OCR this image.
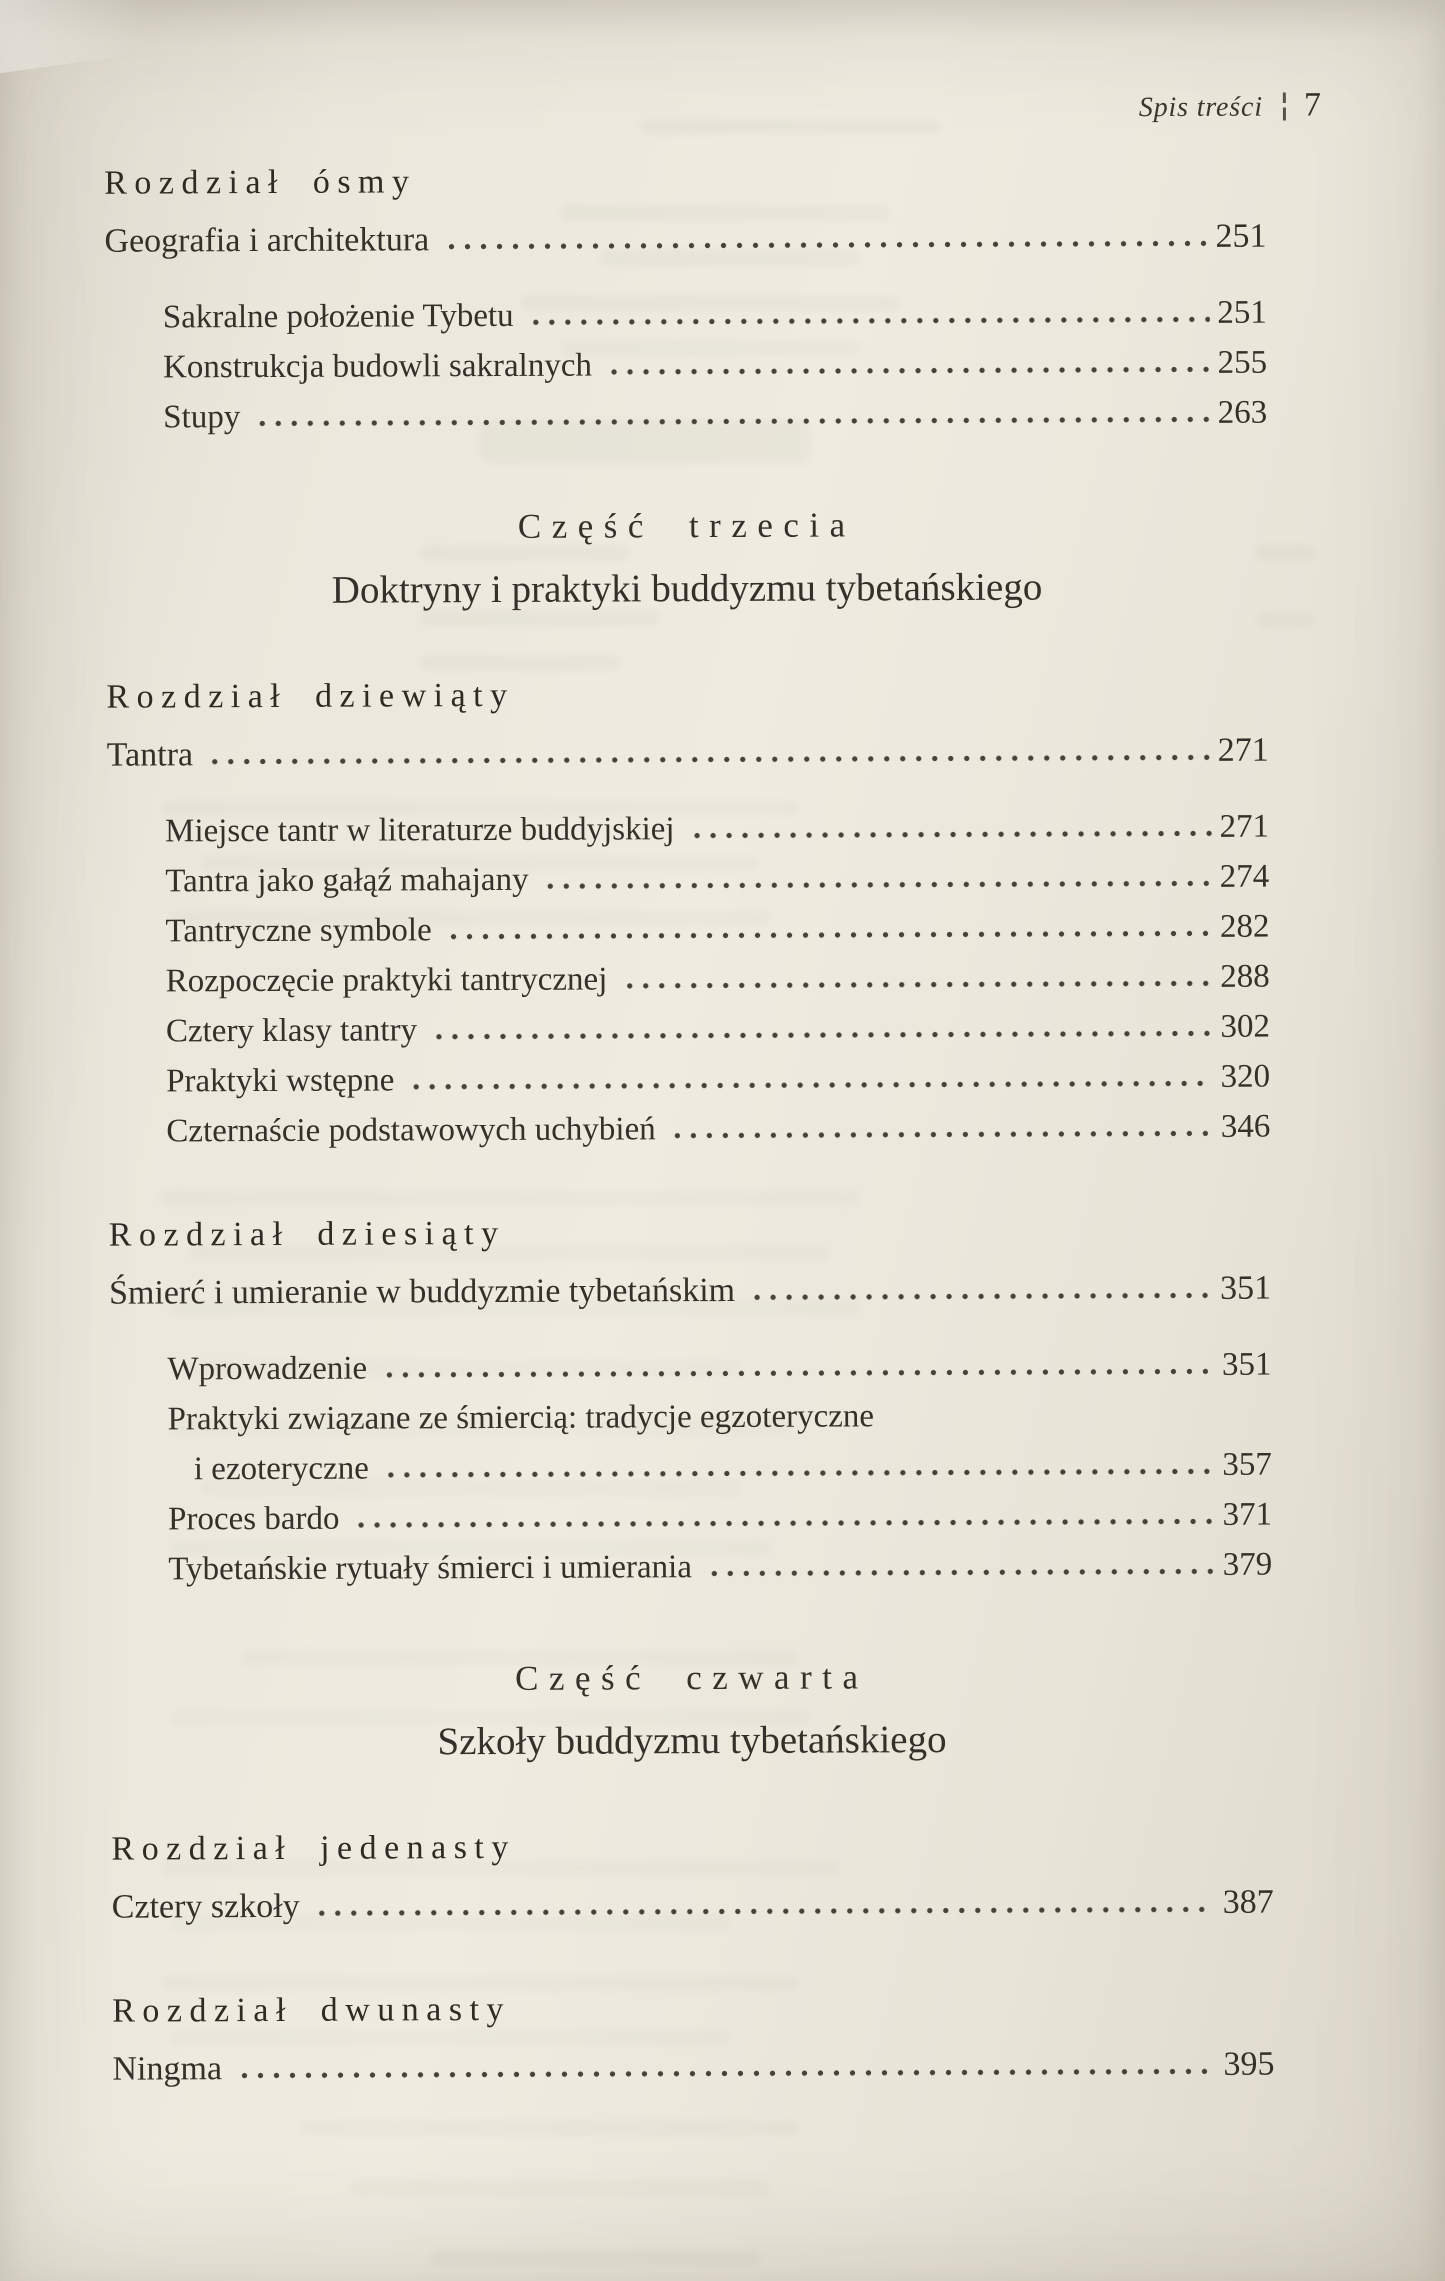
Spis treści 7
Rozdział ósmy
Geografia i architektura	251
Sakralne położenie Tybetu	251
Konstrukcja budowli sakralnych	255
Stupy	263
Część trzecia
Doktryny i praktyki buddyzmu tybetańskiego
Rozdział dziewiąty
Tantra	271
Miejsce tantr w literaturze buddyjskiej	271
Tantra jako gałąź mahajany	274
Tantryczne symbole	282
Rozpoczęcie praktyki tantrycznej	288
Cztery klasy tantry	302
Praktyki wstępne	320
Czternaście podstawowych uchybień	346
Rozdział dziesiąty
Śmierć i umieranie w buddyzmie tybetańskim	351
Wprowadzenie	351
Praktyki związane ze śmiercią: tradycje egzoteryczne
i ezoteryczne	357
Proces bardo	371
Tybetańskie rytuały śmierci i umierania	379
Część czwarta
Szkoły buddyzmu tybetańskiego
Rozdział jedenasty
Cztery szkoły	387
Rozdział dwunasty
Ningma	395
